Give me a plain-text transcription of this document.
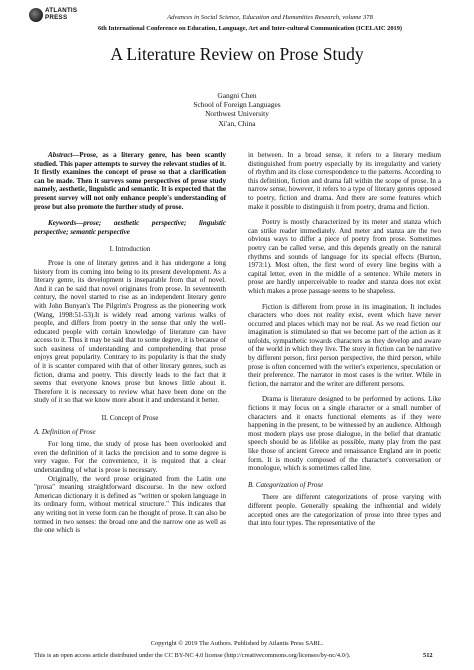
ATLANTIS
PRESS	Advances in Social Science, Education and Humanities Research, volume 378
6th International Conference on Education, Language, Art and Inter-cultural Communication (ICELAIC 2019)
A Literature Review on Prose Study
Gangni Chen
School of Foreign Languages
Northwest University
Xi'an, China

Abstract—Prose, as a literary genre, has been scantly studied. This paper attempts to survey the relevant studies of it. It firstly examines the concept of prose so that a clarification can be made. Then it surveys some perspectives of prose study namely, aesthetic, linguistic and semantic. It is expected that the present survey will not only enhance people's understanding of prose but also promote the further study of prose.

Keywords—prose; aesthetic perspective; linguistic perspective; semantic perspective

I. Introduction

Prose is one of literary genres and it has undergone a long history from its coming into being to its present development. As a literary genre, its development is inseparable from that of novel. And it can be said that novel originates from prose. In seventeenth century, the novel started to rise as an independent literary genre with John Bunyan's The Pilgrim's Progress as the pioneering work (Wang, 1998:51-53).It is widely read among various walks of people, and differs from poetry in the sense that only the well-educated people with certain knowledge of literature can have access to it. Thus it may be said that to some degree, it is because of such easiness of understanding and comprehending that prose enjoys great popularity. Contrary to its popularity is that the study of it is scanter compared with that of other literary genres, such as fiction, drama and poetry. This directly leads to the fact that it seems that everyone knows prose but knows little about it. Therefore it is necessary to review what have been done on the study of it so that we know more about it and understand it better.

II. Concept of Prose
A. Definition of Prose

For long time, the study of prose has been overlooked and even the definition of it lacks the precision and to some degree is very vague. For the convenience, it is required that a clear understanding of what is prose is necessary.

Originally, the word prose originated from the Latin one "prosa" meaning straightforward discourse. In the new oxford American dictionary it is defined as "written or spoken language in its ordinary form, without metrical structure." This indicates that any writing not in verse form can be thought of prose. It can also be termed in two senses: the broad one and the narrow one as well as the one which is

in between. In a broad sense, it refers to a literary medium distinguished from poetry especially by its irregularity and variety of rhythm and its close correspondence to the patterns. According to this definition, fiction and drama fall within the scope of prose. In a narrow sense, however, it refers to a type of literary genres opposed to poetry, fiction and drama. And there are some features which make it possible to distinguish it from poetry, drama and fiction.

Poetry is mostly characterized by its meter and stanza which can strike reader immediately. And meter and stanza are the two obvious ways to differ a piece of poetry from prose. Sometimes poetry can be called verse, and this depends greatly on the natural rhythms and sounds of language for its special effects (Burton, 1973:1). Most often, the first word of every line begins with a capital letter, even in the middle of a sentence. While meters in prose are hardly unperceivable to reader and stanza does not exist which makes a prose passage seems to be shapeless.

Fiction is different from prose in its imagination. It includes characters who does not reality exist, event which have never occurred and places which may not be real. As we read fiction our imagination is stimulated so that we become part of the action as it unfolds, sympathetic towards characters as they develop and aware of the world in which they live. The story in fiction can be narrative by different person, first person perspective, the third person, while prose is often concerned with the writer's experience, speculation or their preference. The narrator in most cases is the writer. While in fiction, the narrator and the writer are different persons.

Drama is literature designed to be performed by actions. Like fictions it may focus on a single character or a small number of characters and it enacts functional elements as if they were happening in the present, to be witnessed by an audience. Although most modern plays use prose dialogue, in the belief that dramatic speech should be as lifelike as possible, many play from the past like those of ancient Greece and renaissance England are in poetic form. It is mostly composed of the character's conversation or monologue, which is sometimes called line.

B. Categorization of Prose

There are different categorizations of prose varying with different people. Generally speaking the influential and widely accepted ones are the categorization of prose into three types and that into four types. The representative of the

Copyright © 2019 The Authors. Published by Atlantis Press SARL.
This is an open access article distributed under the CC BY-NC 4.0 license (http://creativecommons.org/licenses/by-nc/4.0/).	512
